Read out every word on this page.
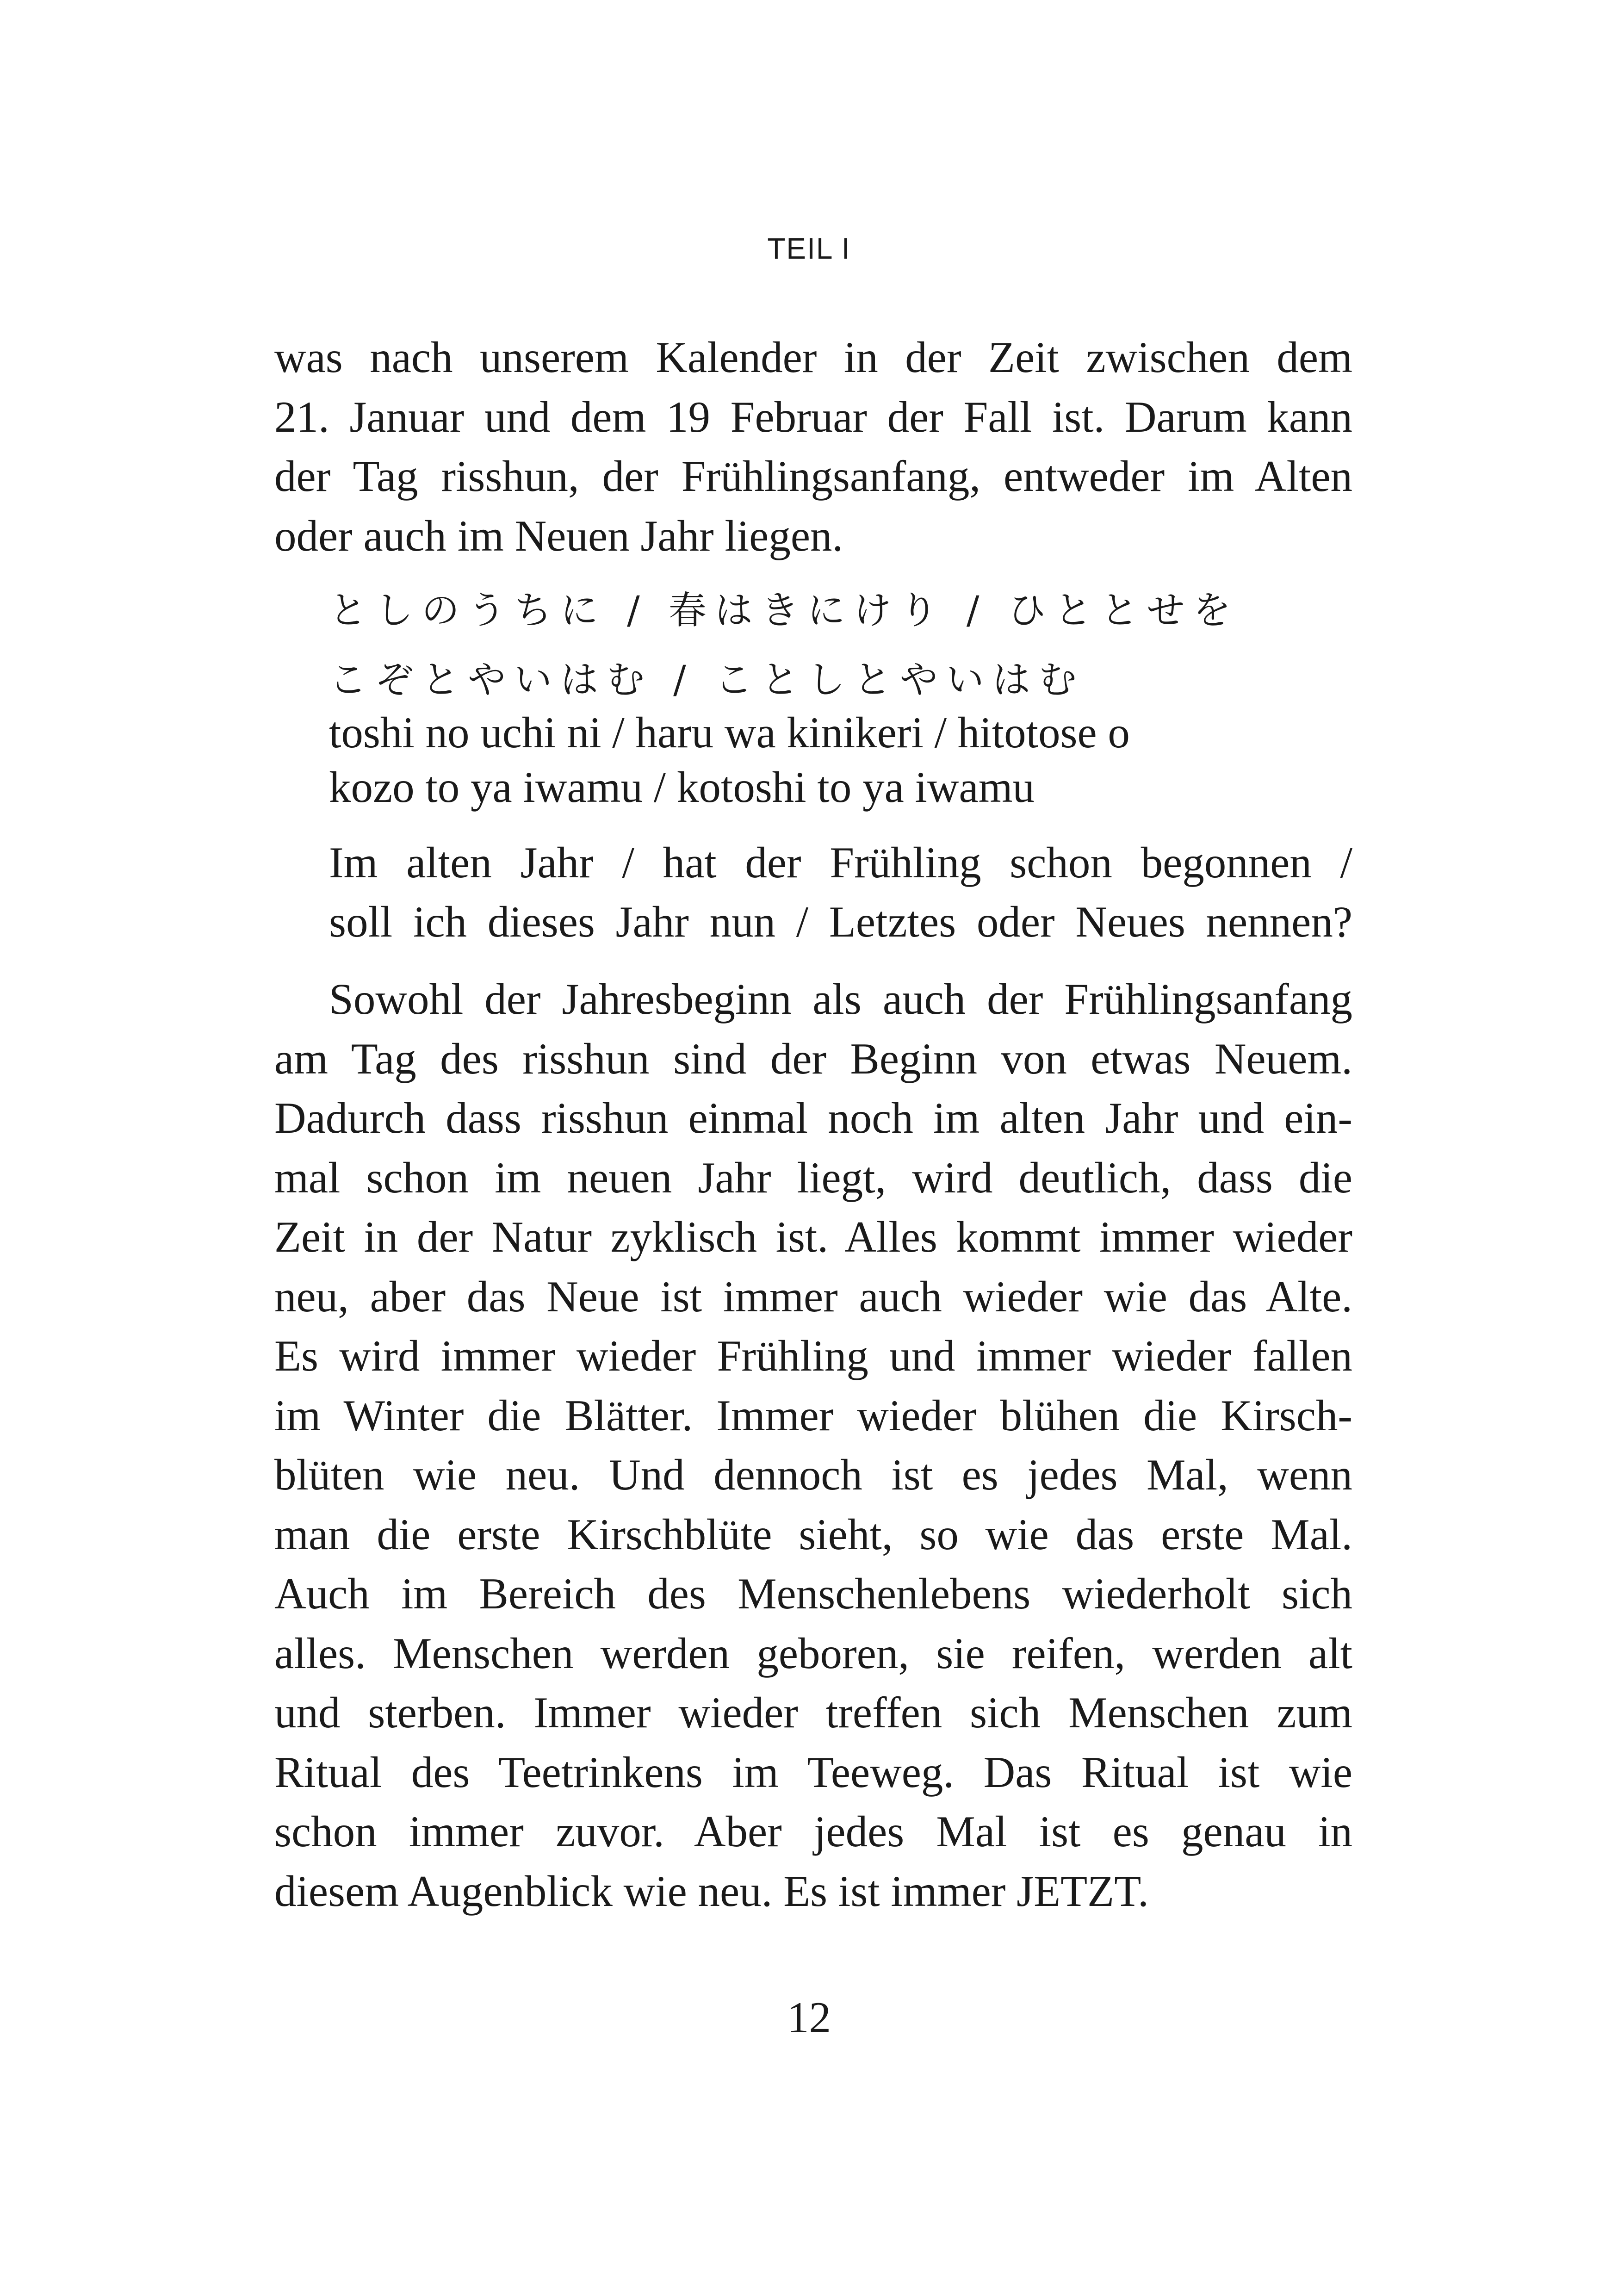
TEIL I
was nach unserem Kalender in der Zeit zwischen dem
21. Januar und dem 19 Februar der Fall ist. Darum kann
der Tag risshun, der Frühlingsanfang, entweder im Alten
oder auch im Neuen Jahr liegen.
としのうちに / 春はきにけり / ひととせを
こぞとやいはむ / ことしとやいはむ
toshi no uchi ni / haru wa kinikeri / hitotose o
kozo to ya iwamu / kotoshi to ya iwamu
Im alten Jahr / hat der Frühling schon begonnen /
soll ich dieses Jahr nun / Letztes oder Neues nennen?
Sowohl der Jahresbeginn als auch der Frühlingsanfang
am Tag des risshun sind der Beginn von etwas Neuem.
Dadurch dass risshun einmal noch im alten Jahr und ein-
mal schon im neuen Jahr liegt, wird deutlich, dass die
Zeit in der Natur zyklisch ist. Alles kommt immer wieder
neu, aber das Neue ist immer auch wieder wie das Alte.
Es wird immer wieder Frühling und immer wieder fallen
im Winter die Blätter. Immer wieder blühen die Kirsch-
blüten wie neu. Und dennoch ist es jedes Mal, wenn
man die erste Kirschblüte sieht, so wie das erste Mal.
Auch im Bereich des Menschenlebens wiederholt sich
alles. Menschen werden geboren, sie reifen, werden alt
und sterben. Immer wieder treffen sich Menschen zum
Ritual des Teetrinkens im Teeweg. Das Ritual ist wie
schon immer zuvor. Aber jedes Mal ist es genau in
diesem Augenblick wie neu. Es ist immer JETZT.
12
